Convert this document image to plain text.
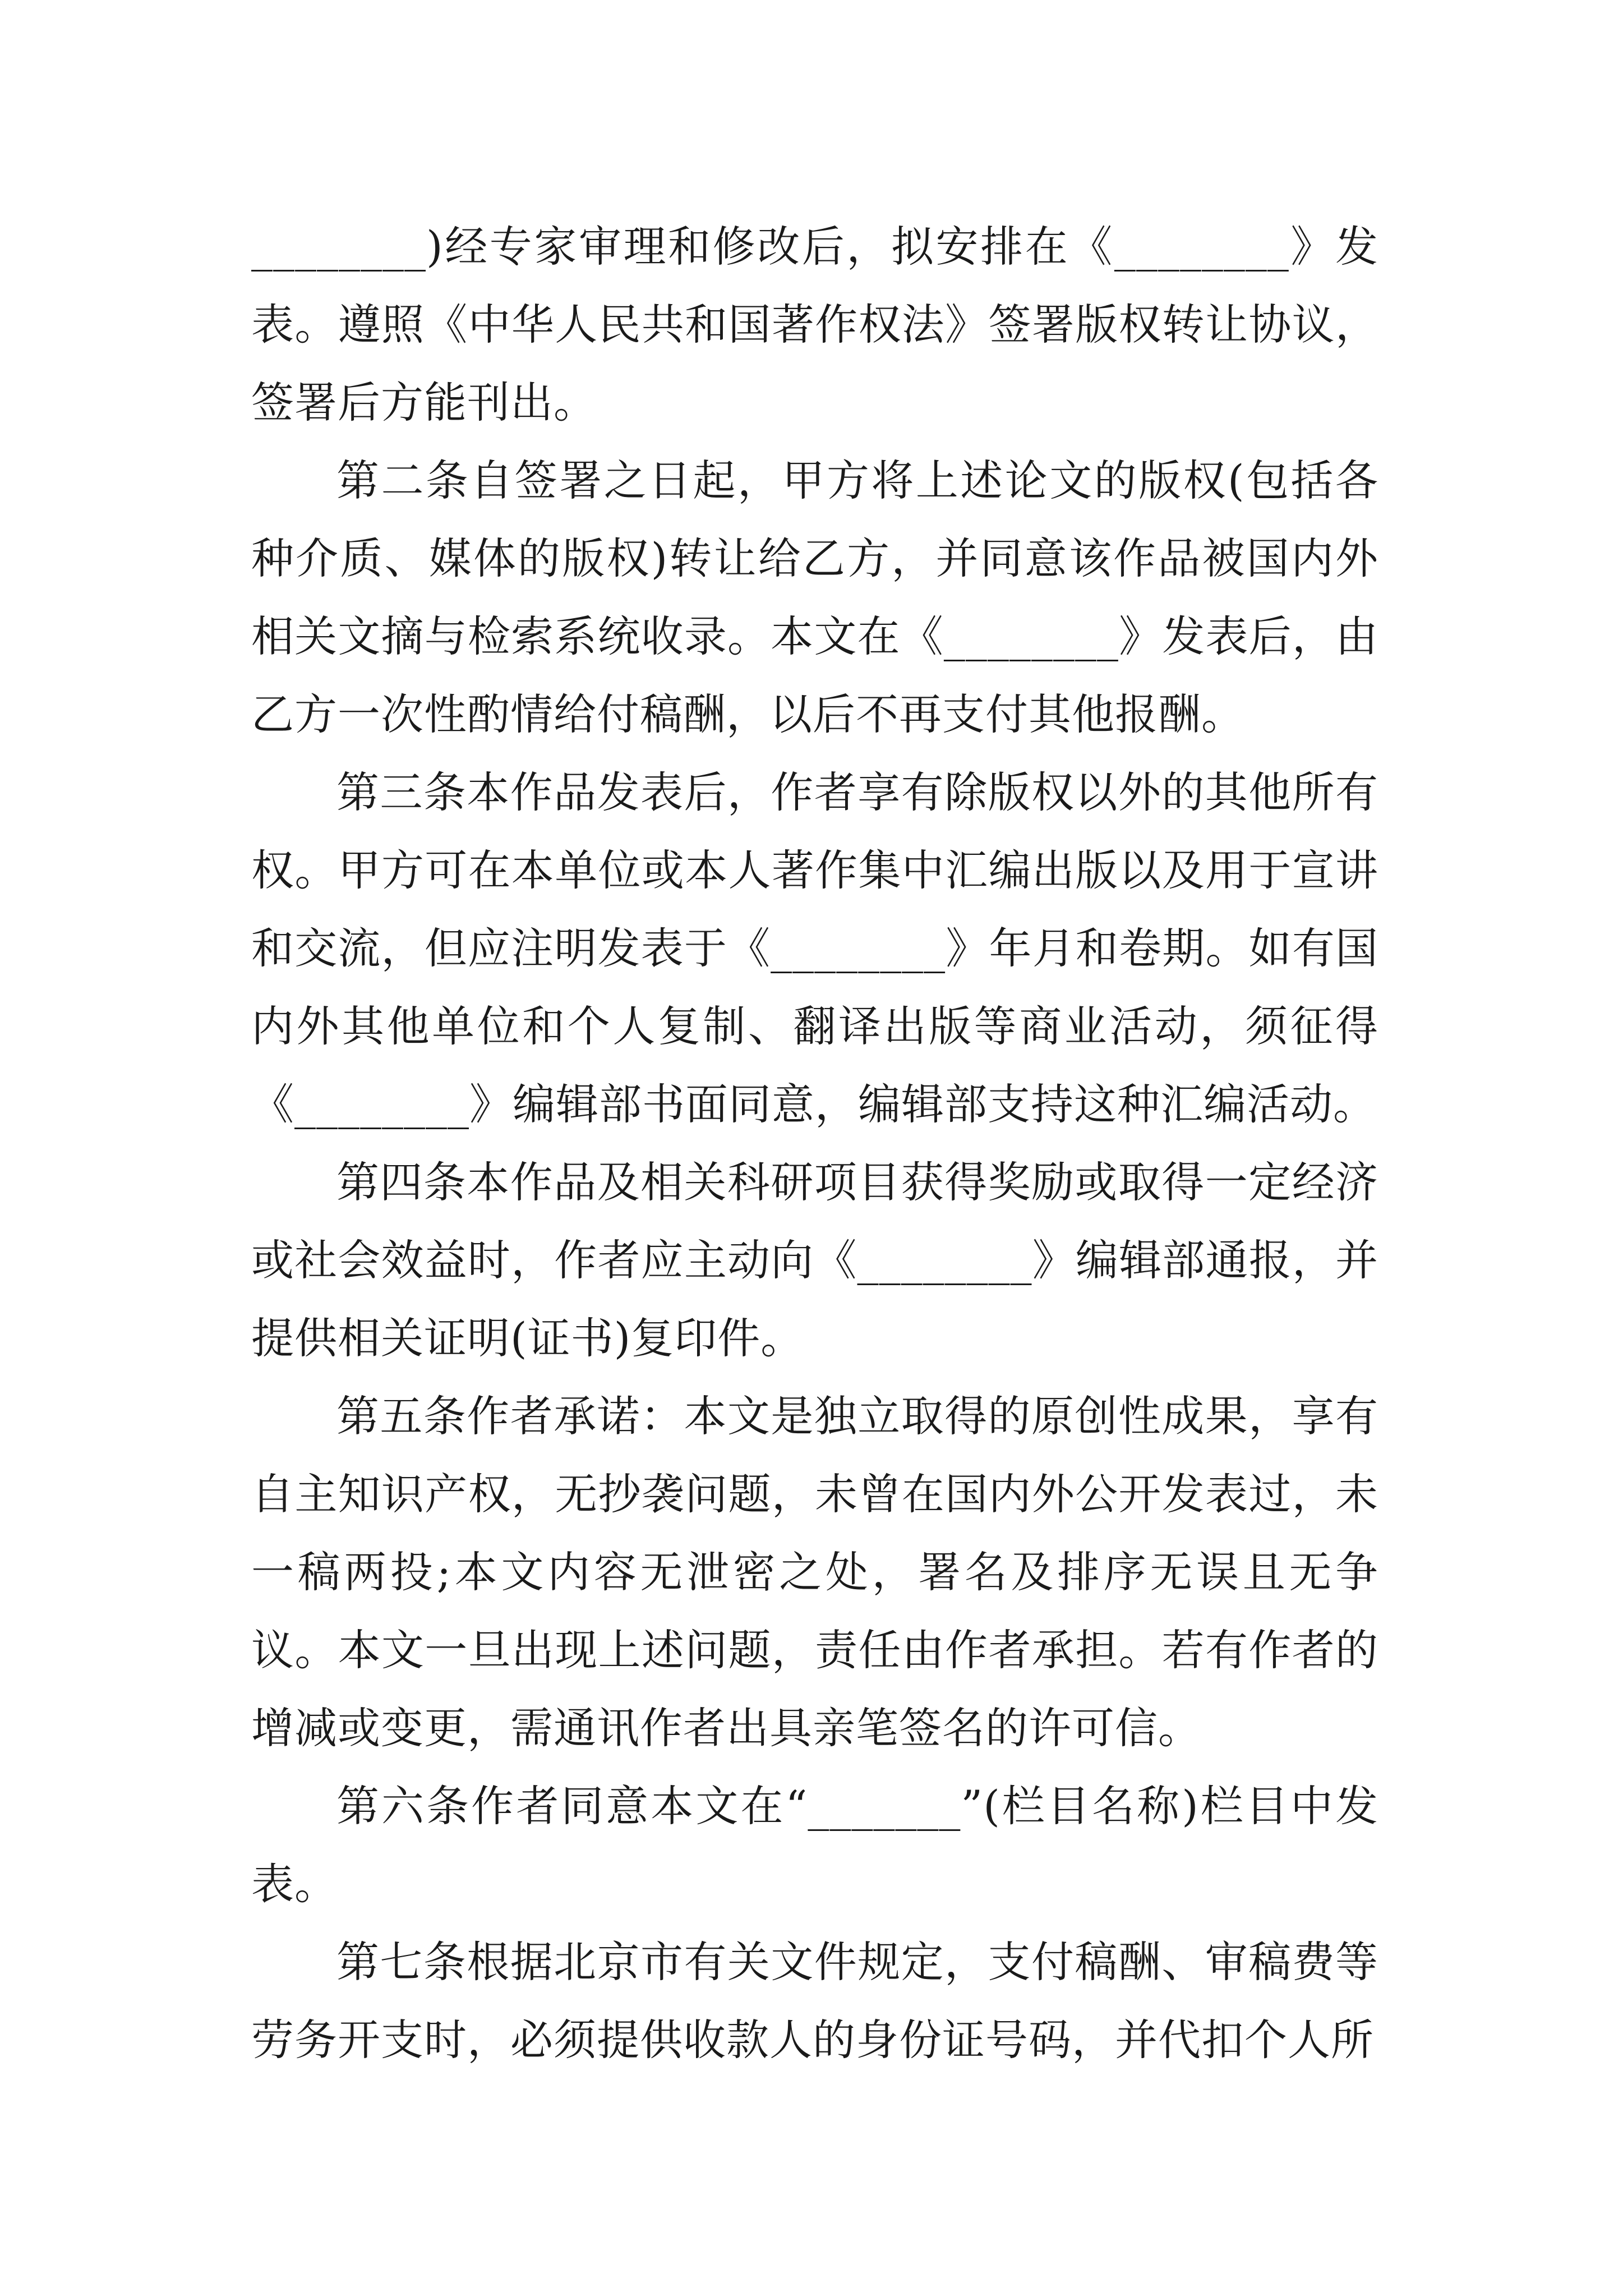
________)经专家审理和修改后，拟安排在《________》发表。遵照《中华人民共和国著作权法》签署版权转让协议，签署后方能刊出。

第二条自签署之日起，甲方将上述论文的版权(包括各种介质、媒体的版权)转让给乙方，并同意该作品被国内外相关文摘与检索系统收录。本文在《________》发表后，由乙方一次性酌情给付稿酬，以后不再支付其他报酬。

第三条本作品发表后，作者享有除版权以外的其他所有权。甲方可在本单位或本人著作集中汇编出版以及用于宣讲和交流，但应注明发表于《________》年月和卷期。如有国内外其他单位和个人复制、翻译出版等商业活动，须征得《________》编辑部书面同意，编辑部支持这种汇编活动。

第四条本作品及相关科研项目获得奖励或取得一定经济或社会效益时，作者应主动向《________》编辑部通报，并提供相关证明(证书)复印件。

第五条作者承诺：本文是独立取得的原创性成果，享有自主知识产权，无抄袭问题，未曾在国内外公开发表过，未一稿两投;本文内容无泄密之处，署名及排序无误且无争议。本文一旦出现上述问题，责任由作者承担。若有作者的增减或变更，需通讯作者出具亲笔签名的许可信。

第六条作者同意本文在“_______”(栏目名称)栏目中发表。

第七条根据北京市有关文件规定，支付稿酬、审稿费等劳务开支时，必须提供收款人的身份证号码，并代扣个人所
